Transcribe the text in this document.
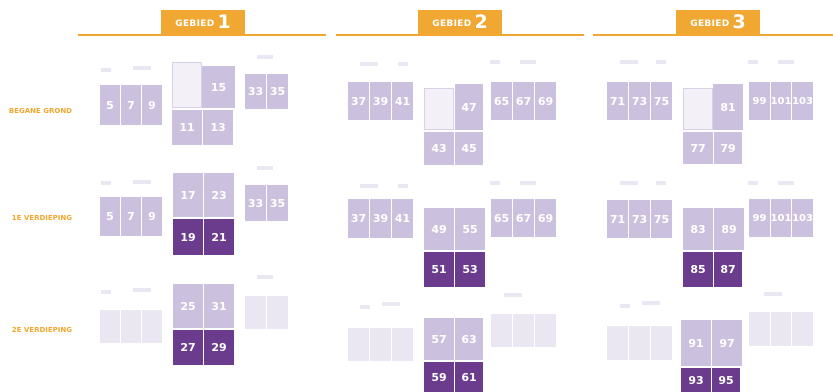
GEBIED 1	GEBIED 2	GEBIED 3
BEGANE GROND
1E VERDIEPING
2E VERDIEPING
5	7	9
15
11	13
33 35
5	7	9
17	23
19	21
33 35
25	31
27	29
37 39 41	47
43	45
65 67 69
37 39 41
49	55
51	53
65 67 69
57	63
59	61
71 73 75	81
77	79
99 101 103
71 73 75
83	89
85	87
99 101 103
91	97
93	95
